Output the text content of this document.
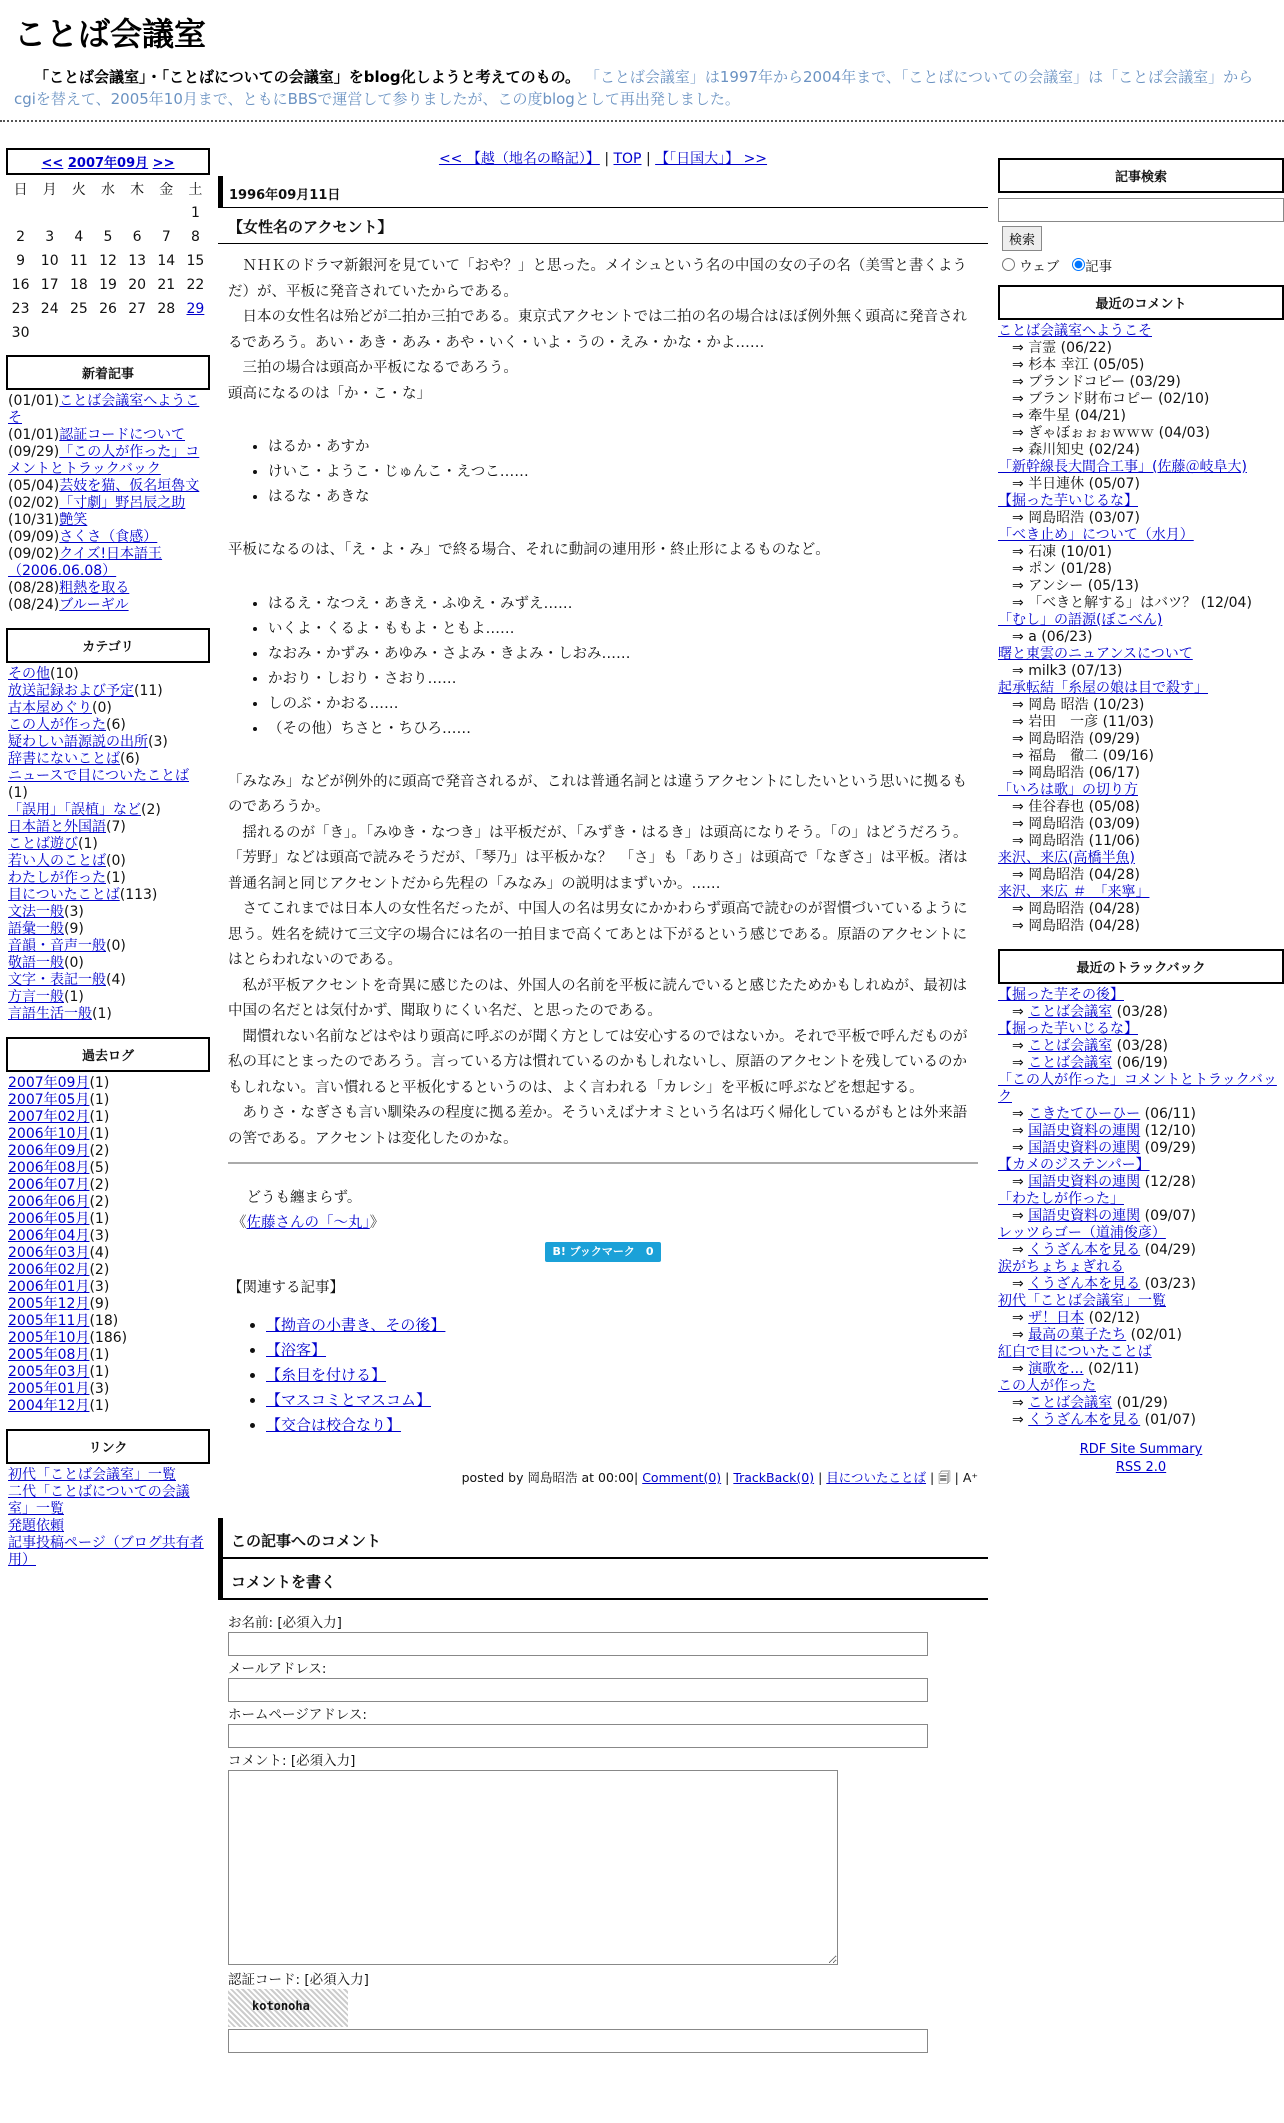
ことば会議室
「ことば会議室」・「ことばについての会議室」をblog化しようと考えてのもの。 「ことば会議室」は1997年から2004年まで、「ことばについての会議室」は「ことば会議室」からcgiを替えて、2005年10月まで、ともにBBSで運営して参りましたが、この度blogとして再出発しました。
<< 2007年09月 >>
日	月	火	水	木	金	土
						1
2	3	4	5	6	7	8
9	10	11	12	13	14	15
16	17	18	19	20	21	22
23	24	25	26	27	28	29
30						
新着記事
(01/01)ことば会議室へようこそ
(01/01)認証コードについて
(09/29)「この人が作った」コメントとトラックバック
(05/04)芸妓を猫、仮名垣魯文
(02/02)「寸劇」野呂辰之助
(10/31)艶笑
(09/09)さくさ（食感）
(09/02)クイズ!日本語王（2006.06.08）
(08/28)粗熱を取る
(08/24)ブルーギル
カテゴリ
その他(10)
放送記録および予定(11)
古本屋めぐり(0)
この人が作った(6)
疑わしい語源説の出所(3)
辞書にないことば(6)
ニュースで目についたことば(1)
「誤用」「誤植」など(2)
日本語と外国語(7)
ことば遊び(1)
若い人のことば(0)
わたしが作った(1)
目についたことば(113)
文法一般(3)
語彙一般(9)
音韻・音声一般(0)
敬語一般(0)
文字・表記一般(4)
方言一般(1)
言語生活一般(1)
過去ログ
2007年09月(1)
2007年05月(1)
2007年02月(1)
2006年10月(1)
2006年09月(2)
2006年08月(5)
2006年07月(2)
2006年06月(2)
2006年05月(1)
2006年04月(3)
2006年03月(4)
2006年02月(2)
2006年01月(3)
2005年12月(9)
2005年11月(18)
2005年10月(186)
2005年08月(1)
2005年03月(1)
2005年01月(3)
2004年12月(1)
リンク
初代「ことば会議室」一覧
二代「ことばについての会議室」一覧
発題依頼
記事投稿ページ（ブログ共有者用）
<< 【越（地名の略記）】 | TOP | 【「日国大」】 >>
1996年09月11日
【女性名のアクセント】

　ＮＨＫのドラマ新銀河を見ていて「おや？」と思った。メイシュという名の中国の女の子の名（美雪と書くようだ）が、平板に発音されていたからである。

　日本の女性名は殆どが二拍か三拍である。東京式アクセントでは二拍の名の場合はほぼ例外無く頭高に発音されるであろう。あい・あき・あみ・あや・いく・いよ・うの・えみ・かな・かよ……

　三拍の場合は頭高か平板になるであろう。

頭高になるのは「か・こ・な」

• はるか・あすか
• けいこ・ようこ・じゅんこ・えつこ……
• はるな・あきな

平板になるのは、「え・よ・み」で終る場合、それに動詞の連用形・終止形によるものなど。

• はるえ・なつえ・あきえ・ふゆえ・みずえ……
• いくよ・くるよ・ももよ・ともよ……
• なおみ・かずみ・あゆみ・さよみ・きよみ・しおみ……
• かおり・しおり・さおり……
• しのぶ・かおる……
• （その他）ちさと・ちひろ……

「みなみ」などが例外的に頭高で発音されるが、これは普通名詞とは違うアクセントにしたいという思いに拠るものであろうか。

　揺れるのが「き」。「みゆき・なつき」は平板だが、「みずき・はるき」は頭高になりそう。「の」はどうだろう。「芳野」などは頭高で読みそうだが、「琴乃」は平板かな？　「さ」も「ありさ」は頭高で「なぎさ」は平板。渚は普通名詞と同じアクセントだから先程の「みなみ」の説明はまずいか。……

　さてこれまでは日本人の女性名だったが、中国人の名は男女にかかわらず頭高で読むのが習慣づいているように思う。姓名を続けて三文字の場合には名の一拍目まで高くてあとは下がるという感じである。原語のアクセントにはとらわれないのである。

　私が平板アクセントを奇異に感じたのは、外国人の名前を平板に読んでいると感じたためかもしれぬが、最初は中国の名だとは気付かず、聞取りにくい名だ、と思ったのである。

　聞慣れない名前などはやはり頭高に呼ぶのが聞く方としては安心するのではないか。それで平板で呼んだものが私の耳にとまったのであろう。言っている方は慣れているのかもしれないし、原語のアクセントを残しているのかもしれない。言い慣れると平板化するというのは、よく言われる「カレシ」を平板に呼ぶなどを想起する。

　ありさ・なぎさも言い馴染みの程度に拠る差か。そういえばナオミという名は巧く帰化しているがもとは外来語の筈である。アクセントは変化したのかな。

　どうも纏まらず。
《佐藤さんの「～丸」》
B! ブックマーク　0
【関連する記事】
• 【拗音の小書き、その後】
• 【浴客】
• 【糸目を付ける】
• 【マスコミとマスコム】
• 【交合は校合なり】
posted by 岡島昭浩 at 00:00| Comment(0) | TrackBack(0) | 目についたことば | 🗐 | A⁺
この記事へのコメント
コメントを書く
お名前: [必須入力]
メールアドレス:
ホームページアドレス:
コメント: [必須入力]
認証コード: [必須入力]
kotonoha
記事検索
検索
ウェブ 記事
最近のコメント
ことば会議室へようこそ
⇒ 言霊 (06/22)
⇒ 杉本 幸江 (05/05)
⇒ ブランドコピー (03/29)
⇒ ブランド財布コピー (02/10)
⇒ 牽牛星 (04/21)
⇒ ぎゃぼぉぉぉｗｗｗ (04/03)
⇒ 森川知史 (02/24)
「新幹線長大間合工事」(佐藤＠岐阜大)
⇒ 半日連休 (05/07)
【掘った芋いじるな】
⇒ 岡島昭浩 (03/07)
「べき止め」について（水月）
⇒ 石凍 (10/01)
⇒ ポン (01/28)
⇒ アンシー (05/13)
⇒ 「べきと解する」はバツ？ (12/04)
「むし」の語源(ぼこべん)
⇒ a (06/23)
曙と東雲のニュアンスについて
⇒ milk3 (07/13)
起承転結「糸屋の娘は目で殺す」
⇒ 岡島 昭浩 (10/23)
⇒ 岩田　一彦 (11/03)
⇒ 岡島昭浩 (09/29)
⇒ 福島　徹二 (09/16)
⇒ 岡島昭浩 (06/17)
「いろは歌」の切り方
⇒ 佳谷春也 (05/08)
⇒ 岡島昭浩 (03/09)
⇒ 岡島昭浩 (11/06)
来沢、来広(高橋半魚)
⇒ 岡島昭浩 (04/28)
来沢、来広 ＃　「来寧」
⇒ 岡島昭浩 (04/28)
⇒ 岡島昭浩 (04/28)
最近のトラックバック
【掘った芋その後】
⇒ ことば会議室 (03/28)
【掘った芋いじるな】
⇒ ことば会議室 (03/28)
⇒ ことば会議室 (06/19)
「この人が作った」コメントとトラックバック
⇒ こきたてひーひー (06/11)
⇒ 国語史資料の連関 (12/10)
⇒ 国語史資料の連関 (09/29)
【カメのジステンパー】
⇒ 国語史資料の連関 (12/28)
「わたしが作った」
⇒ 国語史資料の連関 (09/07)
レッツらゴー（道浦俊彦）
⇒ くうざん本を見る (04/29)
涙がちょちょぎれる
⇒ くうざん本を見る (03/23)
初代「ことば会議室」一覧
⇒ ザ！日本 (02/12)
⇒ 最高の菓子たち (02/01)
紅白で目についたことば
⇒ 演歌を... (02/11)
この人が作った
⇒ ことば会議室 (01/29)
⇒ くうざん本を見る (01/07)
RDF Site Summary
RSS 2.0
